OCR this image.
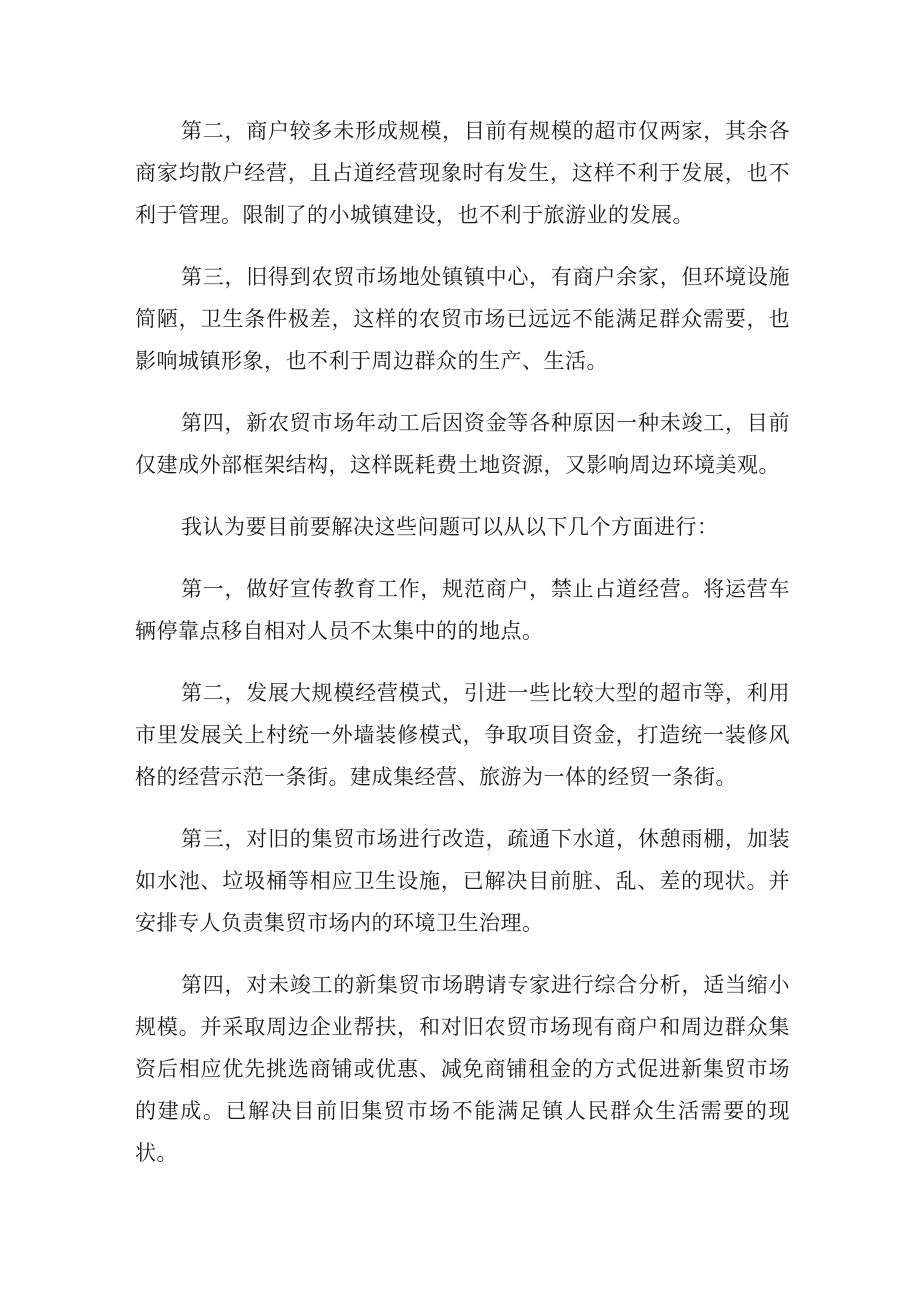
第二，商户较多未形成规模，目前有规模的超市仅两家，其余各商家均散户经营，且占道经营现象时有发生，这样不利于发展，也不利于管理。限制了的小城镇建设，也不利于旅游业的发展。

第三，旧得到农贸市场地处镇镇中心，有商户余家，但环境设施简陋，卫生条件极差，这样的农贸市场已远远不能满足群众需要，也影响城镇形象，也不利于周边群众的生产、生活。

第四，新农贸市场年动工后因资金等各种原因一种未竣工，目前仅建成外部框架结构，这样既耗费土地资源，又影响周边环境美观。

我认为要目前要解决这些问题可以从以下几个方面进行：

第一，做好宣传教育工作，规范商户，禁止占道经营。将运营车辆停靠点移自相对人员不太集中的的地点。

第二，发展大规模经营模式，引进一些比较大型的超市等，利用市里发展关上村统一外墙装修模式，争取项目资金，打造统一装修风格的经营示范一条街。建成集经营、旅游为一体的经贸一条街。

第三，对旧的集贸市场进行改造，疏通下水道，休憩雨棚，加装如水池、垃圾桶等相应卫生设施，已解决目前脏、乱、差的现状。并安排专人负责集贸市场内的环境卫生治理。

第四，对未竣工的新集贸市场聘请专家进行综合分析，适当缩小规模。并采取周边企业帮扶，和对旧农贸市场现有商户和周边群众集资后相应优先挑选商铺或优惠、减免商铺租金的方式促进新集贸市场的建成。已解决目前旧集贸市场不能满足镇人民群众生活需要的现状。
